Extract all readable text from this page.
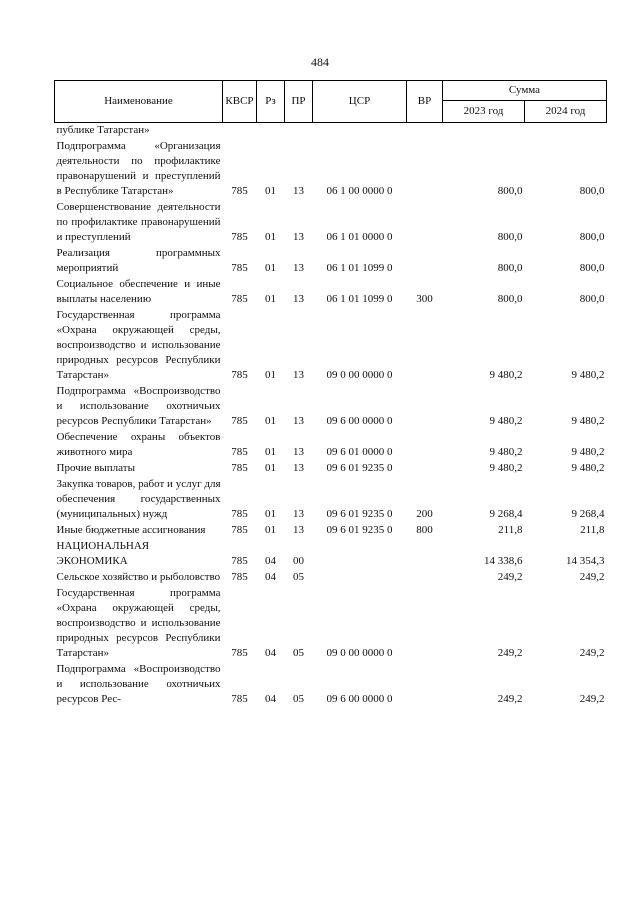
484
Наименование	КВСР	Рз	ПР	ЦСР	ВР	Сумма	
						2023 год	2024 год
публике Татарстан»							
Подпрограмма «Организация деятельности по профилактике правонарушений и преступлений в Республике Татарстан»	785	01	13	06 1 00 0000 0		800,0	800,0
Совершенствование деятельности по профилактике правонарушений и преступлений	785	01	13	06 1 01 0000 0		800,0	800,0
Реализация программных мероприятий	785	01	13	06 1 01 1099 0		800,0	800,0
Социальное обеспечение и иные выплаты населению	785	01	13	06 1 01 1099 0	300	800,0	800,0
Государственная программа «Охрана окружающей среды, воспроизводство и использование природных ресурсов Республики Татарстан»	785	01	13	09 0 00 0000 0		9 480,2	9 480,2
Подпрограмма «Воспроизводство и использование охотничьих ресурсов Республики Татарстан»	785	01	13	09 6 00 0000 0		9 480,2	9 480,2
Обеспечение охраны объектов животного мира	785	01	13	09 6 01 0000 0		9 480,2	9 480,2
Прочие выплаты	785	01	13	09 6 01 9235 0		9 480,2	9 480,2
Закупка товаров, работ и услуг для обеспечения государственных (муниципальных) нужд	785	01	13	09 6 01 9235 0	200	9 268,4	9 268,4
Иные бюджетные ассигнования	785	01	13	09 6 01 9235 0	800	211,8	211,8
НАЦИОНАЛЬНАЯ ЭКОНОМИКА	785	04	00			14 338,6	14 354,3
Сельское хозяйство и рыболовство	785	04	05			249,2	249,2
Государственная программа «Охрана окружающей среды, воспроизводство и использование природных ресурсов Республики Татарстан»	785	04	05	09 0 00 0000 0		249,2	249,2
Подпрограмма «Воспроизводство и использование охотничьих ресурсов Рес-	785	04	05	09 6 00 0000 0		249,2	249,2
